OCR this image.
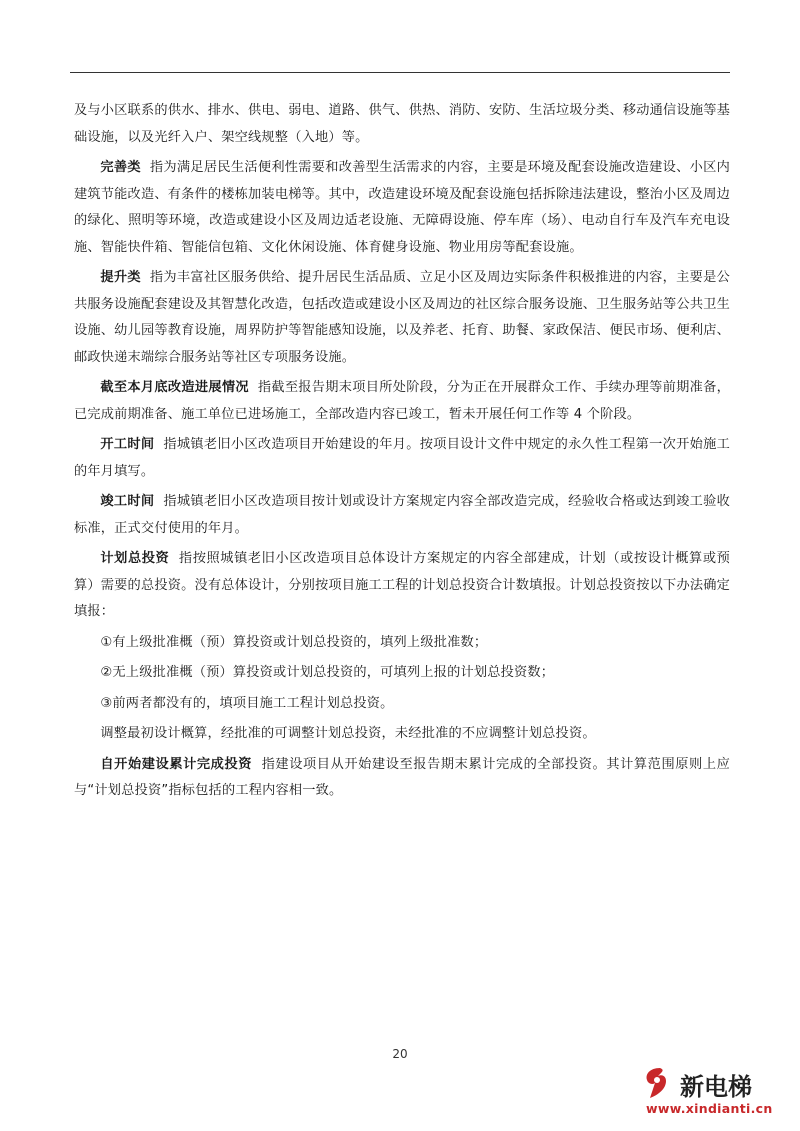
及与小区联系的供水、排水、供电、弱电、道路、供气、供热、消防、安防、生活垃圾分类、移动通信设施等基础设施，以及光纤入户、架空线规整（入地）等。

完善类 指为满足居民生活便利性需要和改善型生活需求的内容，主要是环境及配套设施改造建设、小区内建筑节能改造、有条件的楼栋加装电梯等。其中，改造建设环境及配套设施包括拆除违法建设，整治小区及周边的绿化、照明等环境，改造或建设小区及周边适老设施、无障碍设施、停车库（场）、电动自行车及汽车充电设施、智能快件箱、智能信包箱、文化休闲设施、体育健身设施、物业用房等配套设施。

提升类 指为丰富社区服务供给、提升居民生活品质、立足小区及周边实际条件积极推进的内容，主要是公共服务设施配套建设及其智慧化改造，包括改造或建设小区及周边的社区综合服务设施、卫生服务站等公共卫生设施、幼儿园等教育设施，周界防护等智能感知设施，以及养老、托育、助餐、家政保洁、便民市场、便利店、邮政快递末端综合服务站等社区专项服务设施。

截至本月底改造进展情况 指截至报告期末项目所处阶段，分为正在开展群众工作、手续办理等前期准备，已完成前期准备、施工单位已进场施工，全部改造内容已竣工，暂未开展任何工作等 4 个阶段。

开工时间 指城镇老旧小区改造项目开始建设的年月。按项目设计文件中规定的永久性工程第一次开始施工的年月填写。

竣工时间 指城镇老旧小区改造项目按计划或设计方案规定内容全部改造完成，经验收合格或达到竣工验收标准，正式交付使用的年月。

计划总投资 指按照城镇老旧小区改造项目总体设计方案规定的内容全部建成，计划（或按设计概算或预算）需要的总投资。没有总体设计，分别按项目施工工程的计划总投资合计数填报。计划总投资按以下办法确定填报：

①有上级批准概（预）算投资或计划总投资的，填列上级批准数；

②无上级批准概（预）算投资或计划总投资的，可填列上报的计划总投资数；

③前两者都没有的，填项目施工工程计划总投资。

调整最初设计概算，经批准的可调整计划总投资，未经批准的不应调整计划总投资。

自开始建设累计完成投资 指建设项目从开始建设至报告期末累计完成的全部投资。其计算范围原则上应与“计划总投资”指标包括的工程内容相一致。

20
新电梯
www.xindianti.cn
